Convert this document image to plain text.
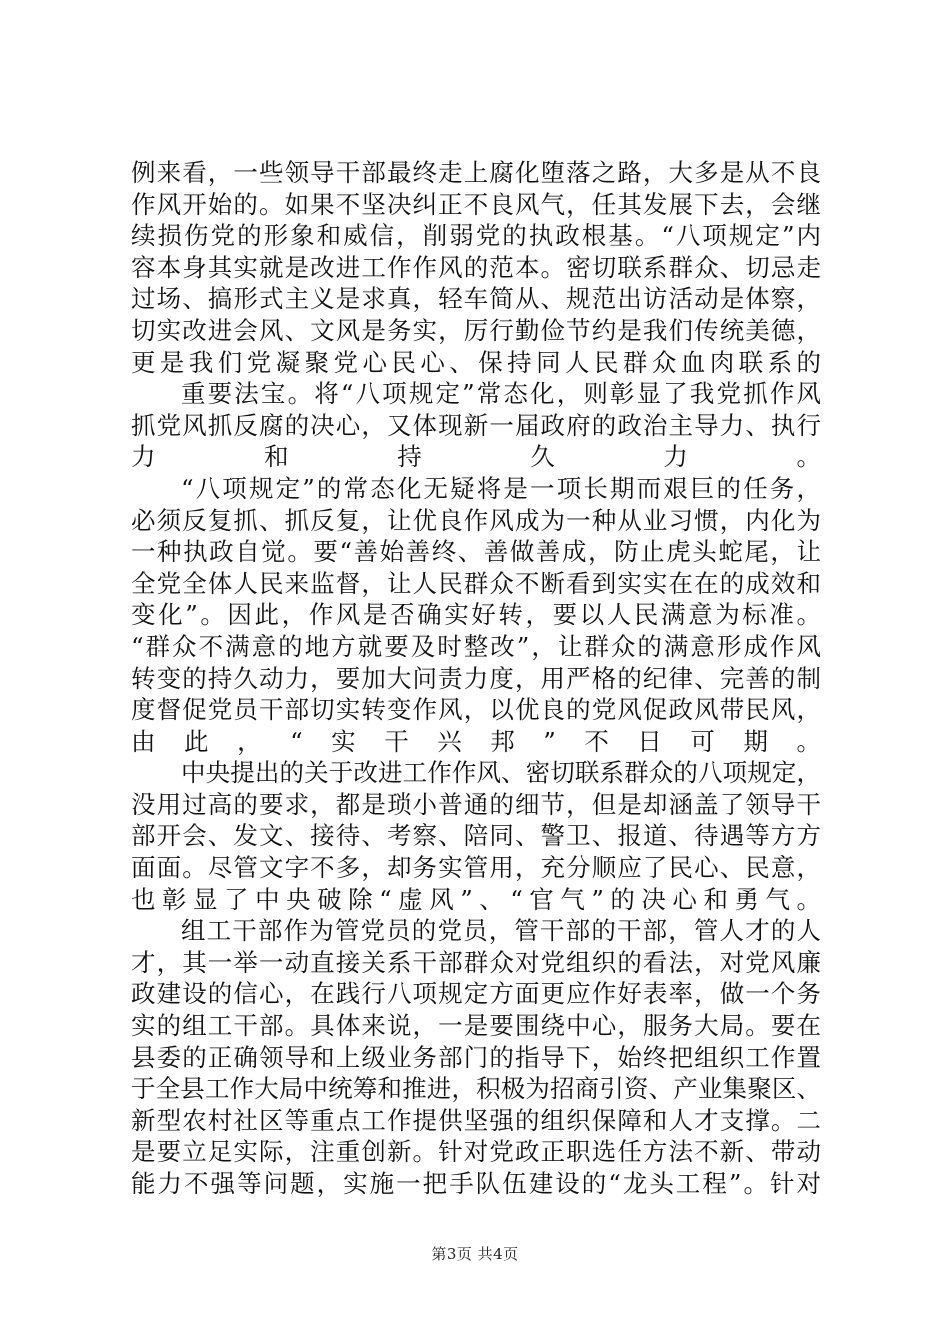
例来看，一些领导干部最终走上腐化堕落之路，大多是从不良
作风开始的。如果不坚决纠正不良风气，任其发展下去，会继
续损伤党的形象和威信，削弱党的执政根基。“八项规定”内
容本身其实就是改进工作作风的范本。密切联系群众、切忌走
过场、搞形式主义是求真，轻车简从、规范出访活动是体察，
切实改进会风、文风是务实，厉行勤俭节约是我们传统美德，
更是我们党凝聚党心民心、保持同人民群众血肉联系的

重要法宝。将“八项规定”常态化，则彰显了我党抓作风
抓党风抓反腐的决心，又体现新一届政府的政治主导力、执行
力和持久力。

“八项规定”的常态化无疑将是一项长期而艰巨的任务，
必须反复抓、抓反复，让优良作风成为一种从业习惯，内化为
一种执政自觉。要“善始善终、善做善成，防止虎头蛇尾，让
全党全体人民来监督，让人民群众不断看到实实在在的成效和
变化”。因此，作风是否确实好转，要以人民满意为标准。
“群众不满意的地方就要及时整改”，让群众的满意形成作风
转变的持久动力，要加大问责力度，用严格的纪律、完善的制
度督促党员干部切实转变作风，以优良的党风促政风带民风，
由此，“实干兴邦”不日可期。

中央提出的关于改进工作作风、密切联系群众的八项规定，
没用过高的要求，都是琐小普通的细节，但是却涵盖了领导干
部开会、发文、接待、考察、陪同、警卫、报道、待遇等方方
面面。尽管文字不多，却务实管用，充分顺应了民心、民意，
也彰显了中央破除“虚风”、“官气”的决心和勇气。

组工干部作为管党员的党员，管干部的干部，管人才的人
才，其一举一动直接关系干部群众对党组织的看法，对党风廉
政建设的信心，在践行八项规定方面更应作好表率，做一个务
实的组工干部。具体来说，一是要围绕中心，服务大局。要在
县委的正确领导和上级业务部门的指导下，始终把组织工作置
于全县工作大局中统筹和推进，积极为招商引资、产业集聚区、
新型农村社区等重点工作提供坚强的组织保障和人才支撑。二
是要立足实际，注重创新。针对党政正职选任方法不新、带动
能力不强等问题，实施一把手队伍建设的“龙头工程”。针对

第3页 共4页
